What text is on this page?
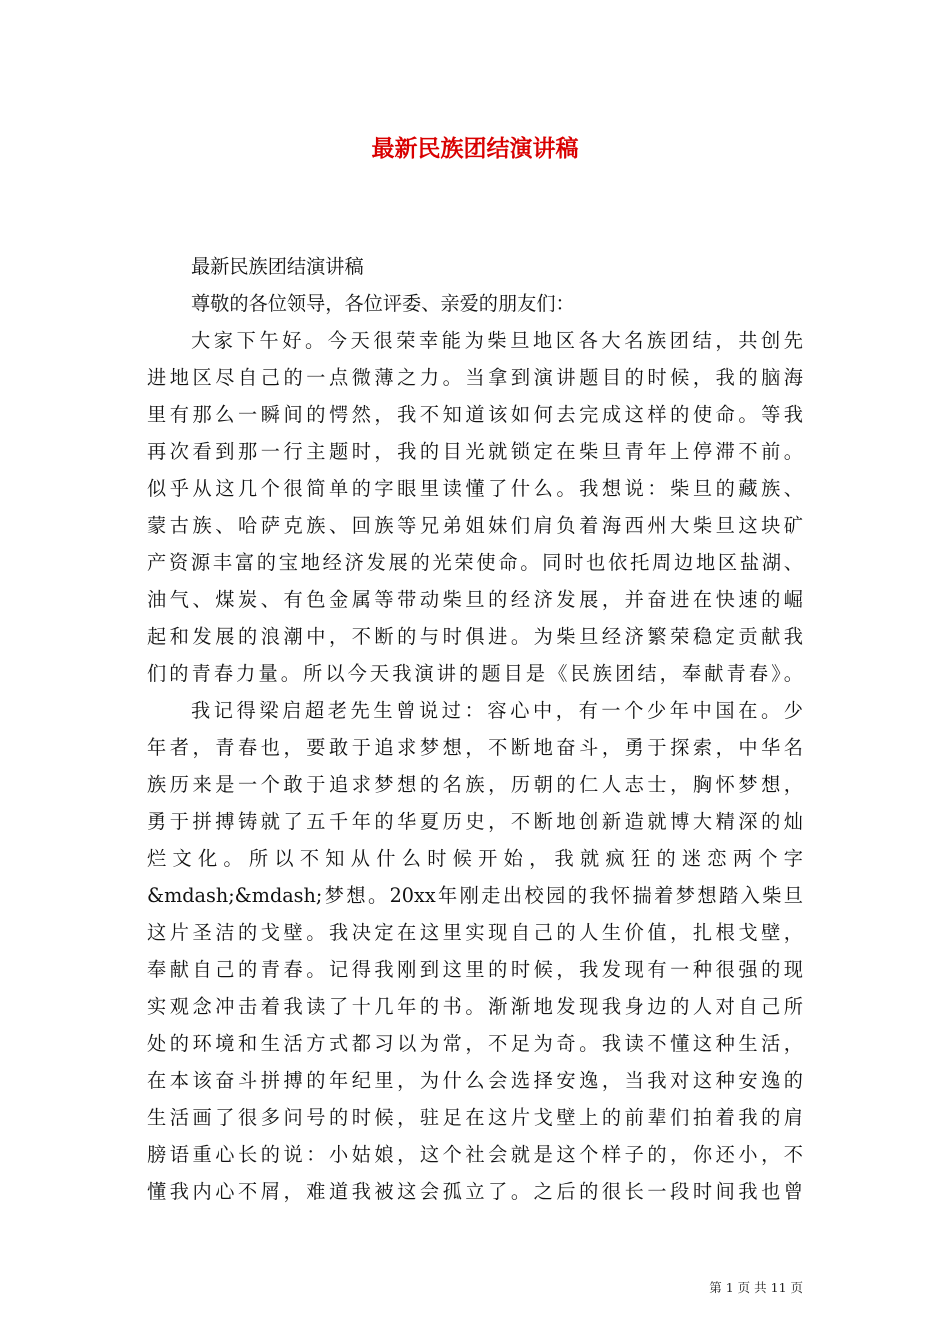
最新民族团结演讲稿
最新民族团结演讲稿
尊敬的各位领导，各位评委、亲爱的朋友们：
大家下午好。今天很荣幸能为柴旦地区各大名族团结，共创先
进地区尽自己的一点微薄之力。当拿到演讲题目的时候，我的脑海
里有那么一瞬间的愕然，我不知道该如何去完成这样的使命。等我
再次看到那一行主题时，我的目光就锁定在柴旦青年上停滞不前。
似乎从这几个很简单的字眼里读懂了什么。我想说：柴旦的藏族、
蒙古族、哈萨克族、回族等兄弟姐妹们肩负着海西州大柴旦这块矿
产资源丰富的宝地经济发展的光荣使命。同时也依托周边地区盐湖、
油气、煤炭、有色金属等带动柴旦的经济发展，并奋进在快速的崛
起和发展的浪潮中，不断的与时俱进。为柴旦经济繁荣稳定贡献我
们的青春力量。所以今天我演讲的题目是《民族团结，奉献青春》。
我记得梁启超老先生曾说过：容心中，有一个少年中国在。少
年者，青春也，要敢于追求梦想，不断地奋斗，勇于探索，中华名
族历来是一个敢于追求梦想的名族，历朝的仁人志士，胸怀梦想，
勇于拼搏铸就了五千年的华夏历史，不断地创新造就博大精深的灿
烂文化。所以不知从什么时候开始，我就疯狂的迷恋两个字
&mdash;&mdash;梦想。20xx年刚走出校园的我怀揣着梦想踏入柴旦
这片圣洁的戈壁。我决定在这里实现自己的人生价值，扎根戈壁，
奉献自己的青春。记得我刚到这里的时候，我发现有一种很强的现
实观念冲击着我读了十几年的书。渐渐地发现我身边的人对自己所
处的环境和生活方式都习以为常，不足为奇。我读不懂这种生活，
在本该奋斗拼搏的年纪里，为什么会选择安逸，当我对这种安逸的
生活画了很多问号的时候，驻足在这片戈壁上的前辈们拍着我的肩
膀语重心长的说：小姑娘，这个社会就是这个样子的，你还小，不
懂我内心不屑，难道我被这会孤立了。之后的很长一段时间我也曾
第 1 页 共 11 页
